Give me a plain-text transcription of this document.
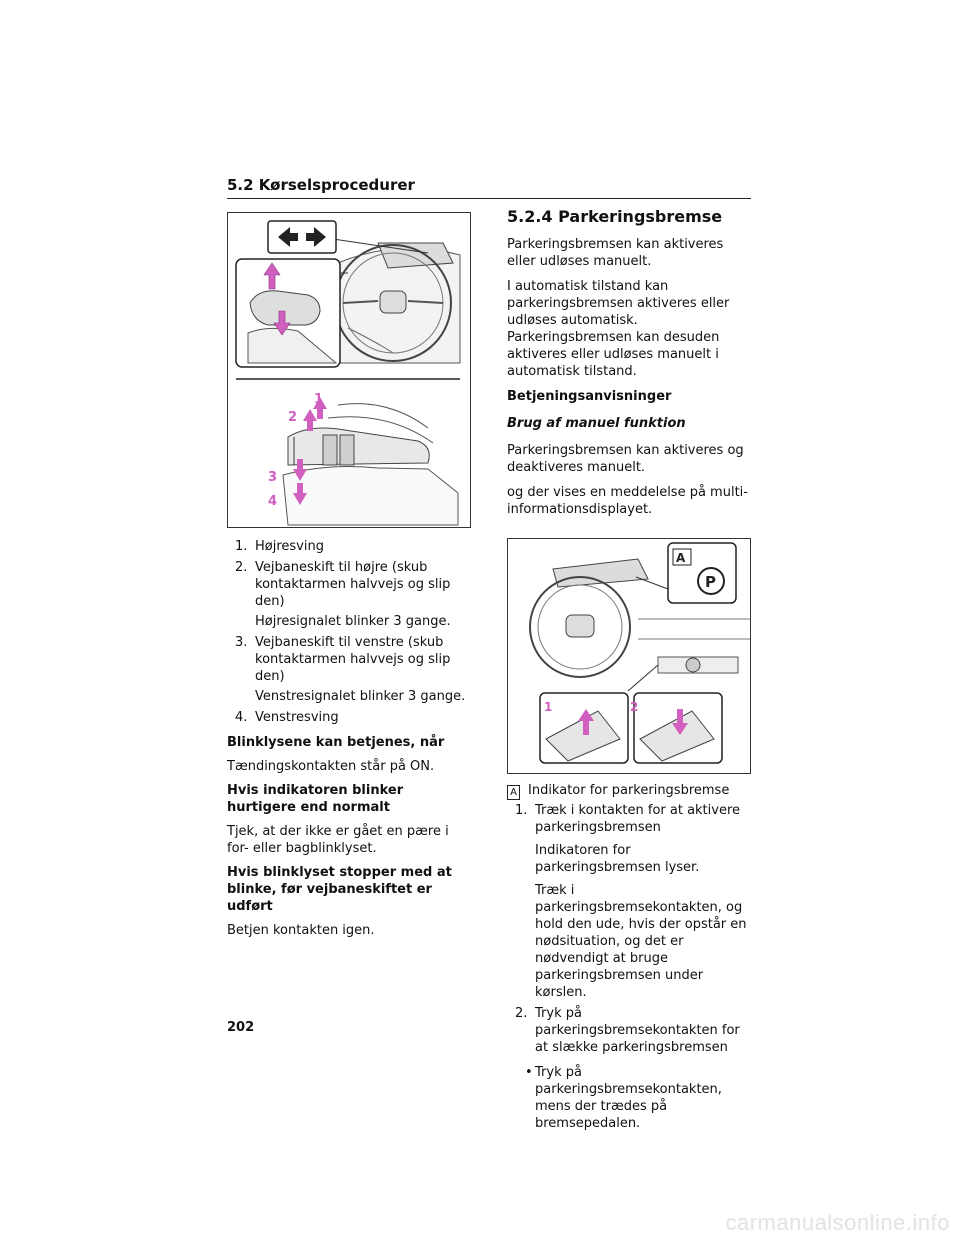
5.2 Kørselsprocedurer
1
2
3
4
1. Højresving
2. Vejbaneskift til højre (skub kontaktarmen halvvejs og slip den)
Højresignalet blinker 3 gange.
3. Vejbaneskift til venstre (skub kontaktarmen halvvejs og slip den)
Venstresignalet blinker 3 gange.
4. Venstresving

Blinklysene kan betjenes, når

Tændingskontakten står på ON.

Hvis indikatoren blinker hurtigere end normalt

Tjek, at der ikke er gået en pære i for- eller bagblinklyset.

Hvis blinklyset stopper med at blinke, før vejbaneskiftet er udført

Betjen kontakten igen.

5.2.4 Parkeringsbremse

Parkeringsbremsen kan aktiveres eller udløses manuelt.

I automatisk tilstand kan parkeringsbremsen aktiveres eller udløses automatisk. Parkeringsbremsen kan desuden aktiveres eller udløses manuelt i automatisk tilstand.

Betjeningsanvisninger

Brug af manuel funktion

Parkeringsbremsen kan aktiveres og deaktiveres manuelt.

og der vises en meddelelse på multi-informationsdisplayet.

A
P
1	2

A Indikator for parkeringsbremse

1. Træk i kontakten for at aktivere parkeringsbremsen
Indikatoren for parkeringsbremsen lyser.
Træk i parkeringsbremsekontakten, og hold den ude, hvis der opstår en nødsituation, og det er nødvendigt at bruge parkeringsbremsen under kørslen.
2. Tryk på parkeringsbremsekontakten for at slække parkeringsbremsen
• Tryk på parkeringsbremsekontakten, mens der trædes på bremsepedalen.
202
carmanualsonline.info
